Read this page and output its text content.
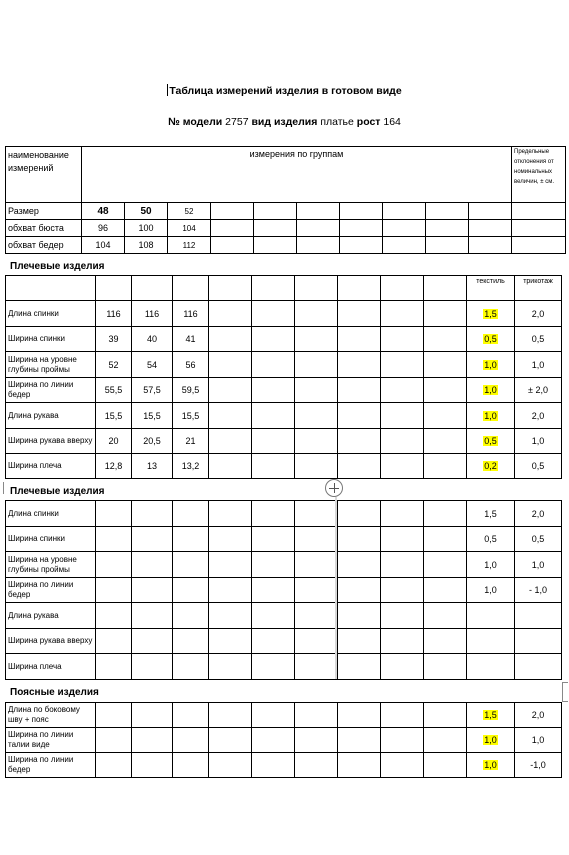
Таблица измерений изделия в готовом виде
№ модели 2757 вид изделия платье рост 164
наименование измерений	измерения по группам										Предельные отклонения от номинальных величин, ± см.
Размер	48	50	52								
обхват бюста	96	100	104								
обхват бедер	104	108	112								
Плечевые изделия
										текстиль	трикотаж
Длина спинки	116	116	116							1,5	2,0
Ширина спинки	39	40	41							0,5	0,5
Ширина на уровне глубины проймы	52	54	56							1,0	1,0
Ширина по линии бедер	55,5	57,5	59,5							1,0	± 2,0
Длина рукава	15,5	15,5	15,5							1,0	2,0
Ширина рукава вверху	20	20,5	21							0,5	1,0
Ширина плеча	12,8	13	13,2							0,2	0,5
Плечевые изделия
Длина спинки										1,5	2,0
Ширина спинки										0,5	0,5
Ширина на уровне глубины проймы										1,0	1,0
Ширина по линии бедер										1,0	- 1,0
Длина рукава											
Ширина рукава вверху											
Ширина плеча											
Поясные изделия
Длина по боковому шву + пояс										1,5	2,0
Ширина по линии талии виде										1,0	1,0
Ширина по линии бедер										1,0	-1,0
